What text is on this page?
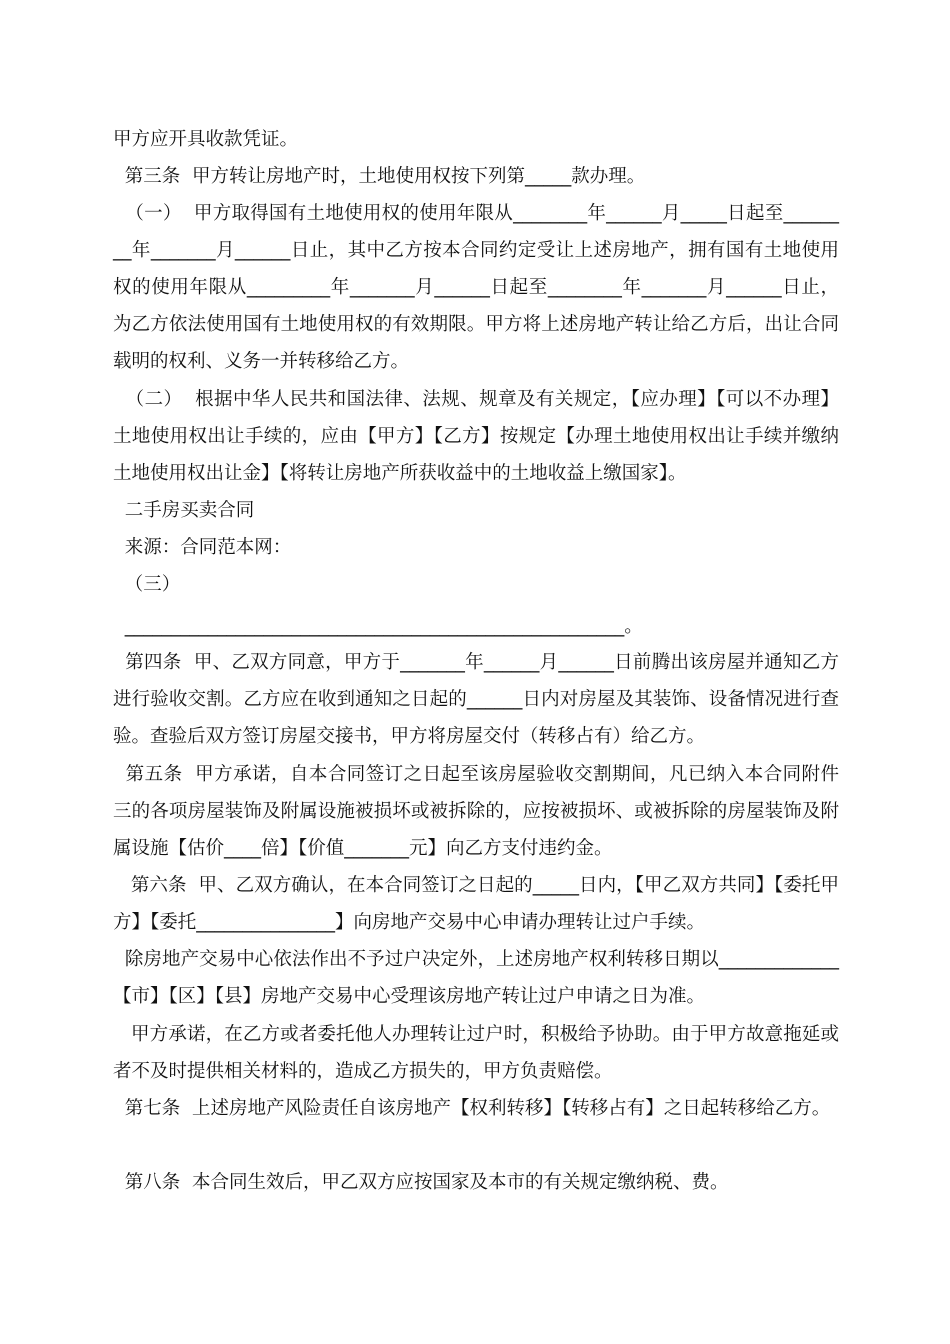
甲方应开具收款凭证。

第三条  甲方转让房地产时，土地使用权按下列第_____款办理。

（一）  甲方取得国有土地使用权的使用年限从________年______月_____日起至________年_______月______日止，其中乙方按本合同约定受让上述房地产，拥有国有土地使用权的使用年限从_________年_______月______日起至________年_______月______日止，为乙方依法使用国有土地使用权的有效期限。甲方将上述房地产转让给乙方后，出让合同载明的权利、义务一并转移给乙方。

（二）  根据中华人民共和国法律、法规、规章及有关规定，【应办理】【可以不办理】土地使用权出让手续的，应由【甲方】【乙方】按规定【办理土地使用权出让手续并缴纳土地使用权出让金】【将转让房地产所获收益中的土地收益上缴国家】。

二手房买卖合同

来源：合同范本网：

（三）

______________________________________________________。

第四条  甲、乙双方同意，甲方于_______年______月______日前腾出该房屋并通知乙方进行验收交割。乙方应在收到通知之日起的______日内对房屋及其装饰、设备情况进行查验。查验后双方签订房屋交接书，甲方将房屋交付（转移占有）给乙方。

第五条  甲方承诺，自本合同签订之日起至该房屋验收交割期间，凡已纳入本合同附件三的各项房屋装饰及附属设施被损坏或被拆除的，应按被损坏、或被拆除的房屋装饰及附属设施【估价____倍】【价值_______元】向乙方支付违约金。

第六条  甲、乙双方确认，在本合同签订之日起的_____日内，【甲乙双方共同】【委托甲方】【委托_______________】向房地产交易中心申请办理转让过户手续。

除房地产交易中心依法作出不予过户决定外，上述房地产权利转移日期以_____________【市】【区】【县】房地产交易中心受理该房地产转让过户申请之日为准。

甲方承诺，在乙方或者委托他人办理转让过户时，积极给予协助。由于甲方故意拖延或者不及时提供相关材料的，造成乙方损失的，甲方负责赔偿。

第七条  上述房地产风险责任自该房地产【权利转移】【转移占有】之日起转移给乙方。

第八条  本合同生效后，甲乙双方应按国家及本市的有关规定缴纳税、费。
